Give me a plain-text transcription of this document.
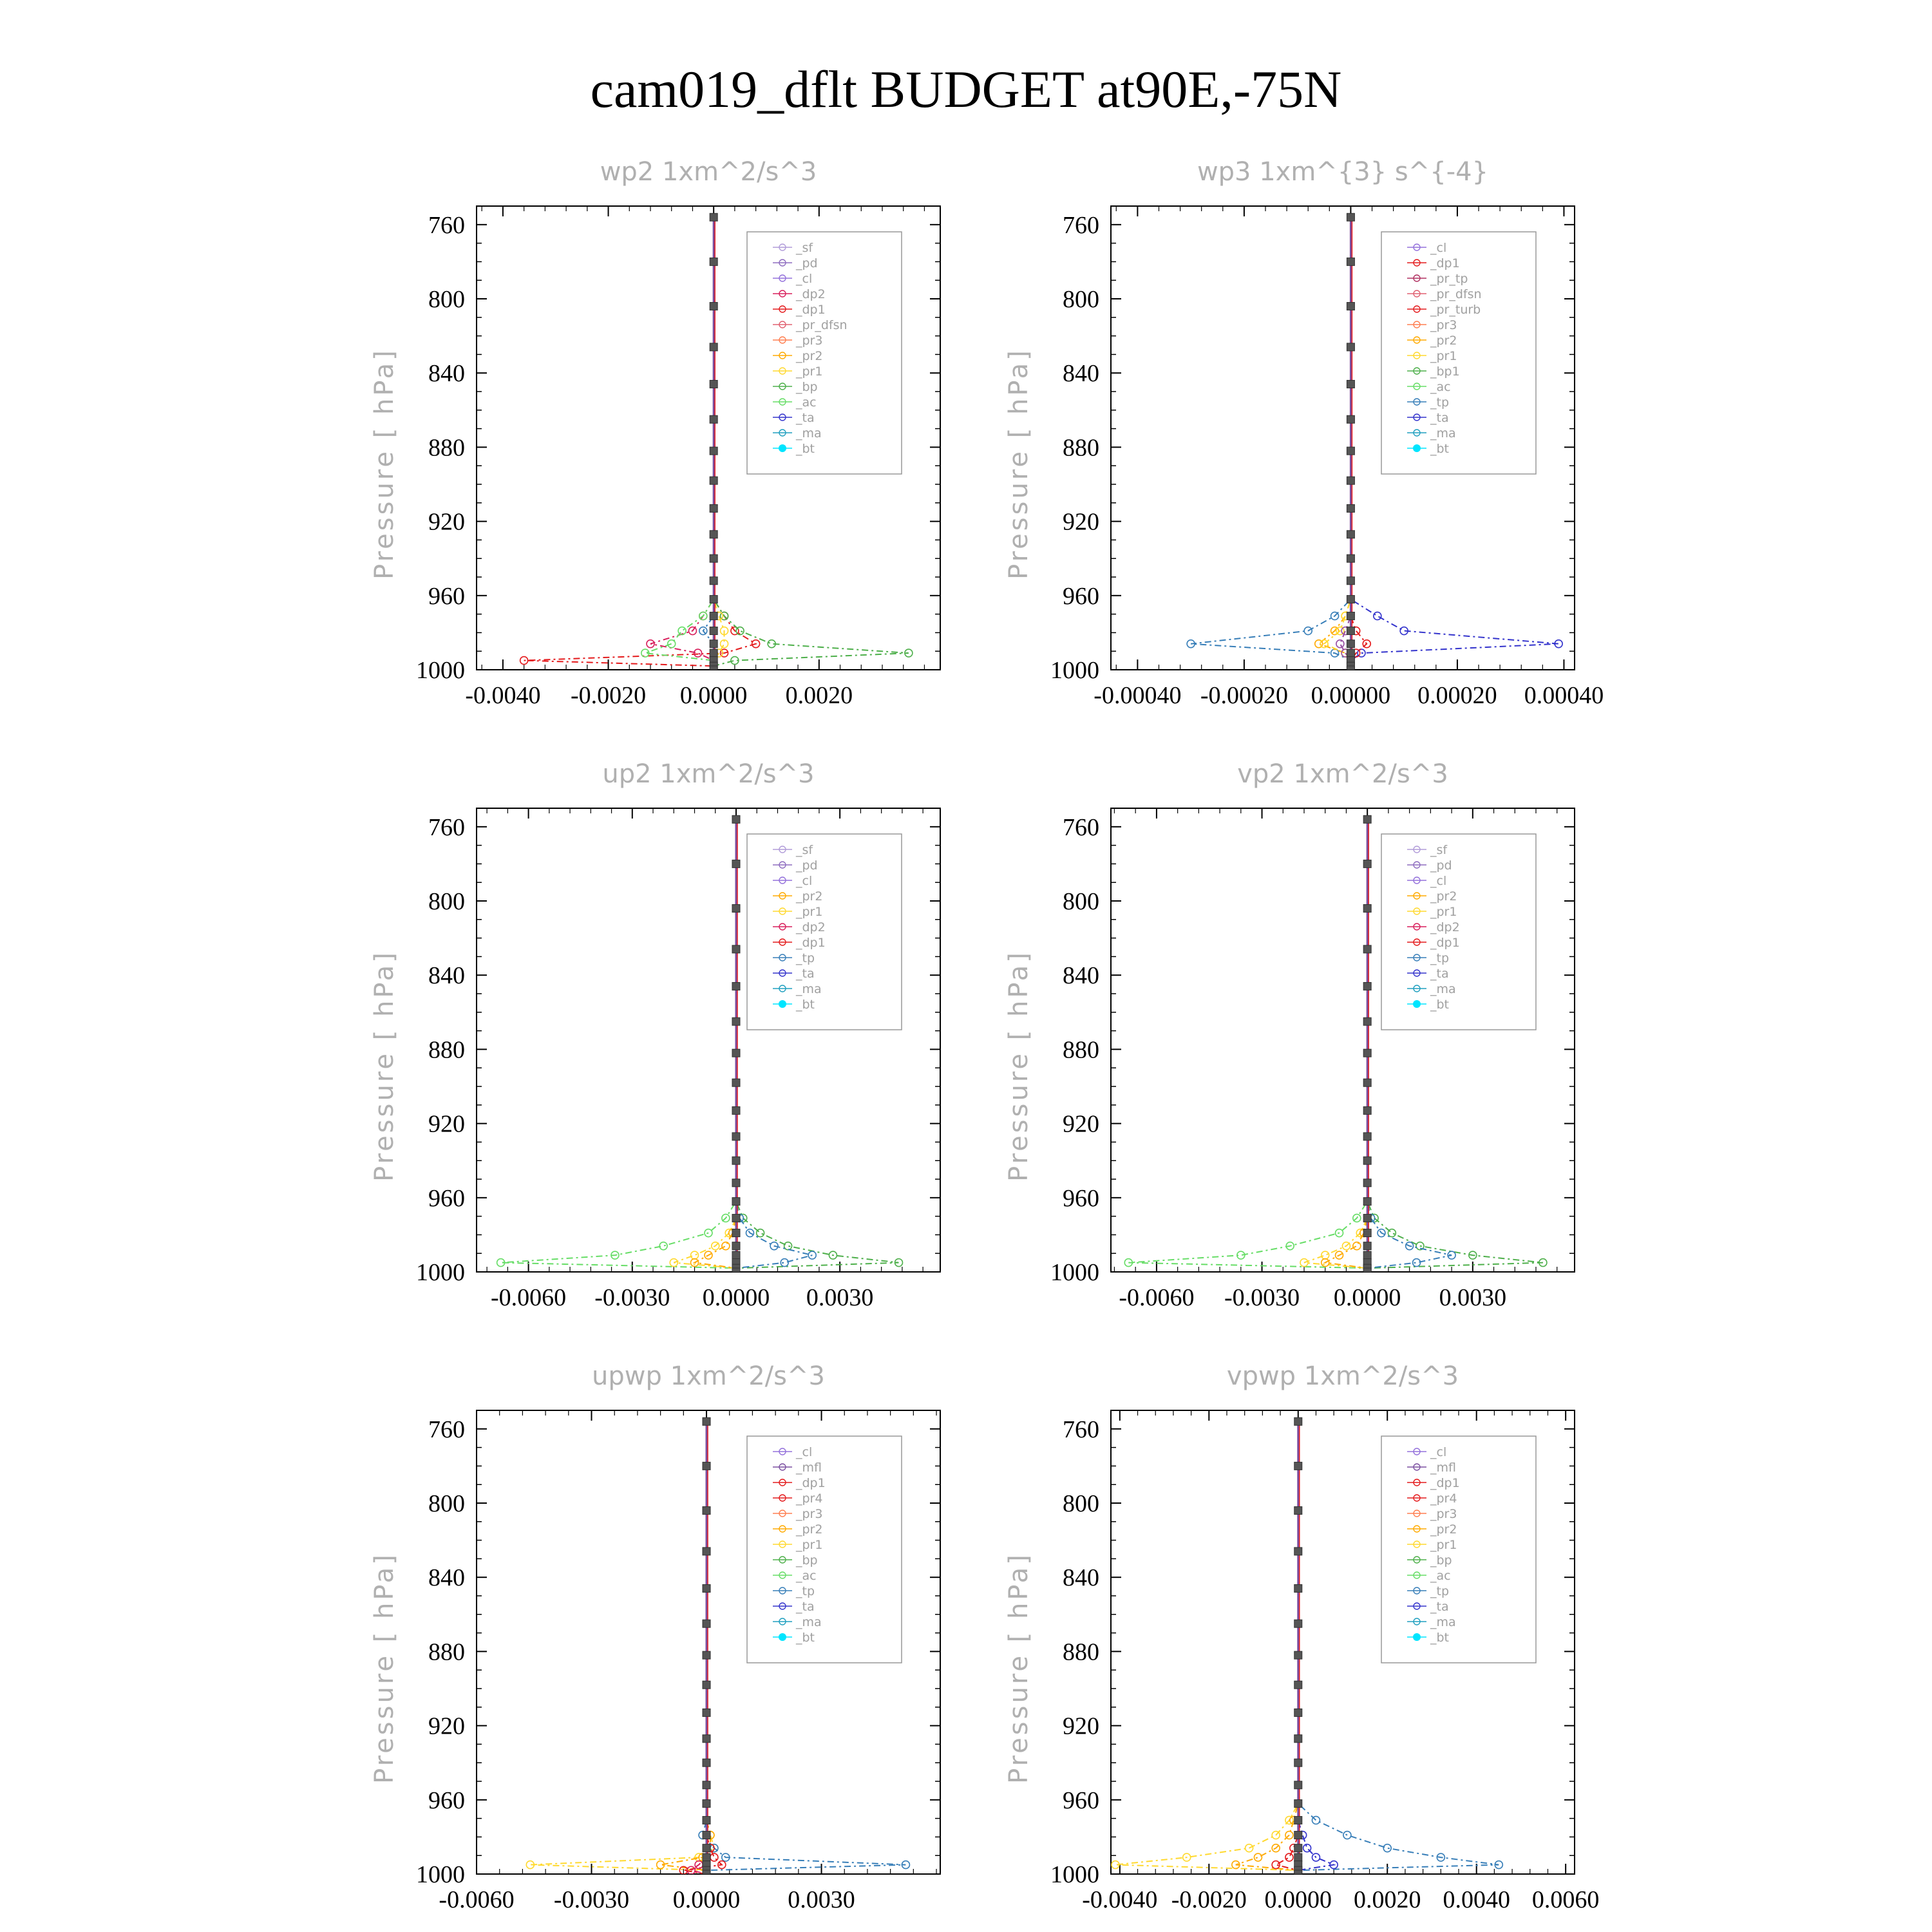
cam019_dflt BUDGET at90E,-75N
wp2 1xm^2/s^3
Pressure [ hPa]
760
800
840
880
920
960
1000
-0.0040 -0.0020 0.0000 0.0020
_sf
_pd
_cl
_dp2
_dp1
_pr_dfsn
_pr3
_pr2
_pr1
_bp
_ac
_ta
_ma
_bt
wp3 1xm^{3} s^{-4}
Pressure [ hPa]
760
800
840
880
920
960
1000
-0.00040 -0.00020 0.00000 0.00020 0.00040
_cl
_dp1
_pr_tp
_pr_dfsn
_pr_turb
_pr3
_pr2
_pr1
_bp1
_ac
_tp
_ta
_ma
_bt
up2 1xm^2/s^3
Pressure [ hPa]
760
800
840
880
920
960
1000
-0.0060 -0.0030 0.0000 0.0030
_sf
_pd
_cl
_pr2
_pr1
_dp2
_dp1
_tp
_ta
_ma
_bt
vp2 1xm^2/s^3
Pressure [ hPa]
760
800
840
880
920
960
1000
-0.0060 -0.0030 0.0000 0.0030
_sf
_pd
_cl
_pr2
_pr1
_dp2
_dp1
_tp
_ta
_ma
_bt
upwp 1xm^2/s^3
Pressure [ hPa]
760
800
840
880
920
960
1000
-0.0060 -0.0030 0.0000 0.0030
_cl
_mfl
_dp1
_pr4
_pr3
_pr2
_pr1
_bp
_ac
_tp
_ta
_ma
_bt
vpwp 1xm^2/s^3
Pressure [ hPa]
760
800
840
880
920
960
1000
-0.0040 -0.0020 0.0000 0.0020 0.0040 0.0060
_cl
_mfl
_dp1
_pr4
_pr3
_pr2
_pr1
_bp
_ac
_tp
_ta
_ma
_bt
